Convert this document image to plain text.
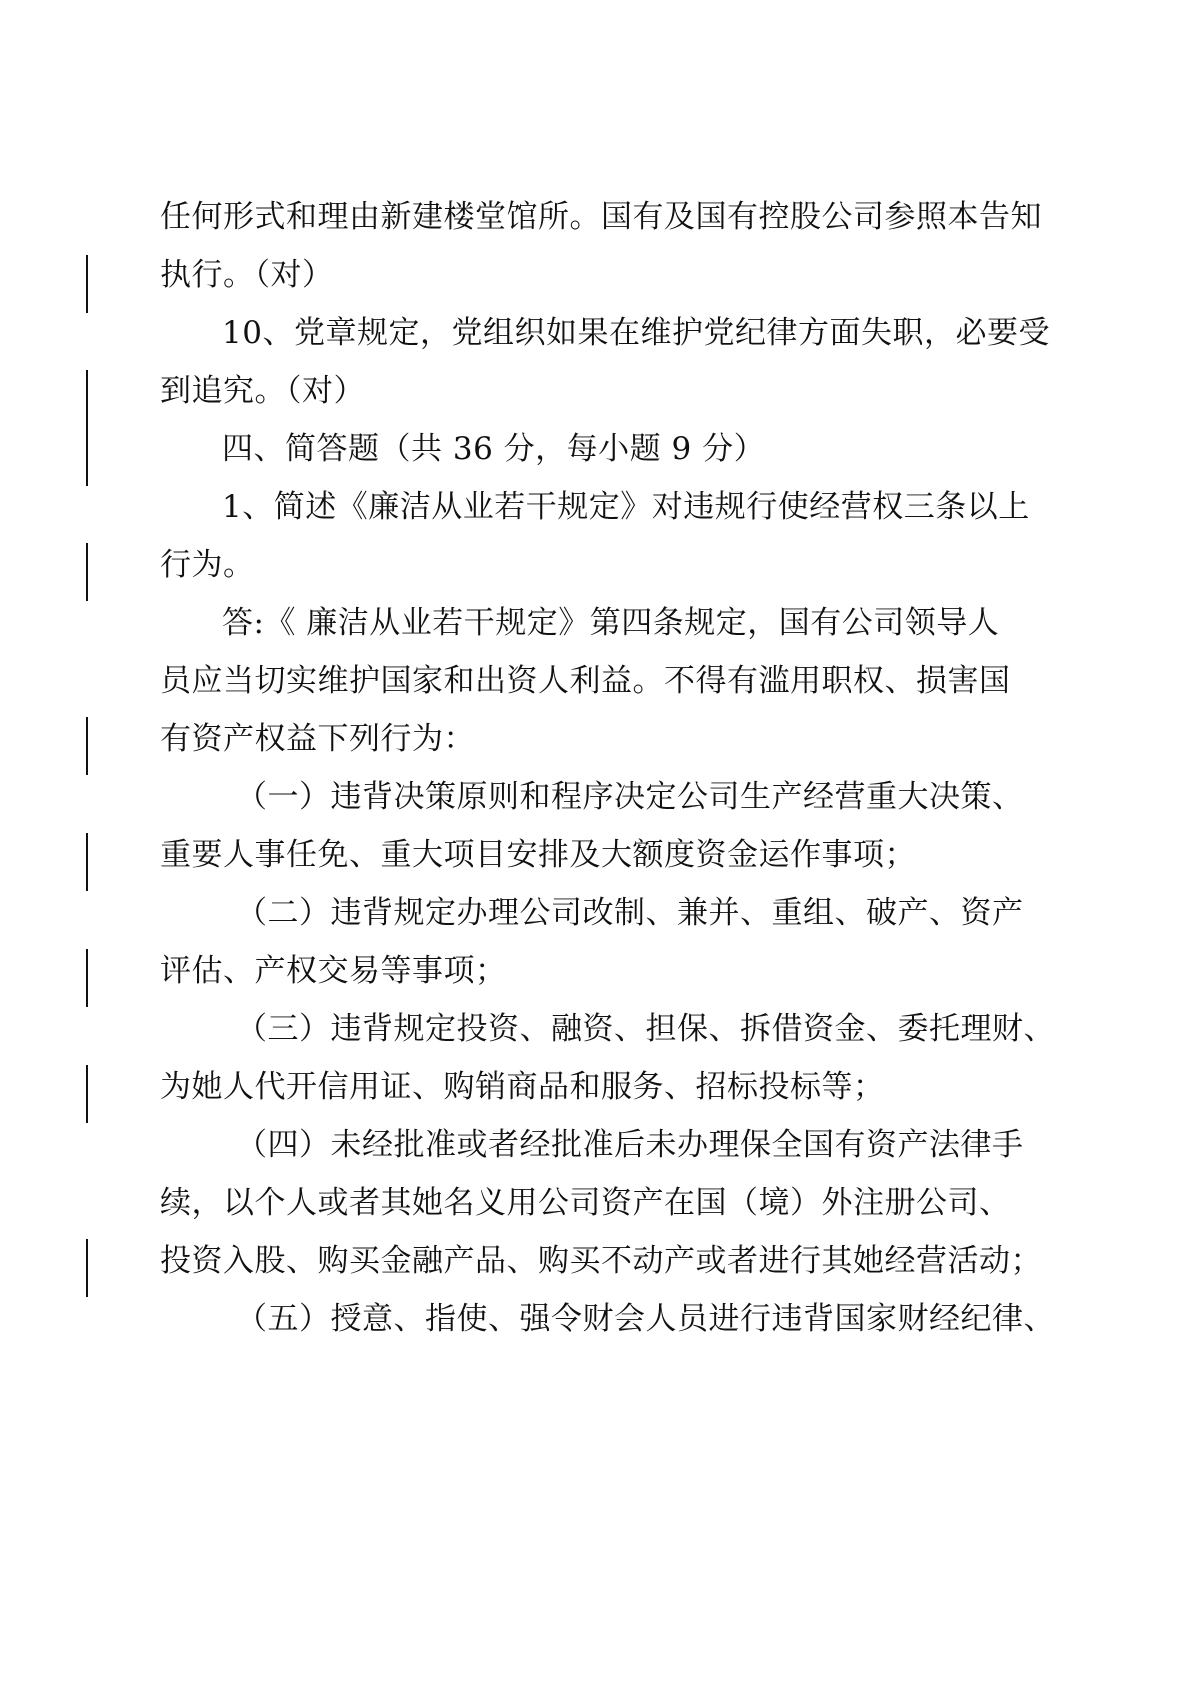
任何形式和理由新建楼堂馆所。国有及国有控股公司参照本告知
执行。（对）
10、党章规定，党组织如果在维护党纪律方面失职，必要受
到追究。（对）
四、简答题（共 36 分，每小题 9 分）
1、简述《廉洁从业若干规定》对违规行使经营权三条以上
行为。
答:《 廉洁从业若干规定》第四条规定，国有公司领导人
员应当切实维护国家和出资人利益。不得有滥用职权、损害国
有资产权益下列行为：
（一）违背决策原则和程序决定公司生产经营重大决策、
重要人事任免、重大项目安排及大额度资金运作事项；
（二）违背规定办理公司改制、兼并、重组、破产、资产
评估、产权交易等事项；
（三）违背规定投资、融资、担保、拆借资金、委托理财、
为她人代开信用证、购销商品和服务、招标投标等；
（四）未经批准或者经批准后未办理保全国有资产法律手
续，以个人或者其她名义用公司资产在国（境）外注册公司、
投资入股、购买金融产品、购买不动产或者进行其她经营活动；
（五）授意、指使、强令财会人员进行违背国家财经纪律、
